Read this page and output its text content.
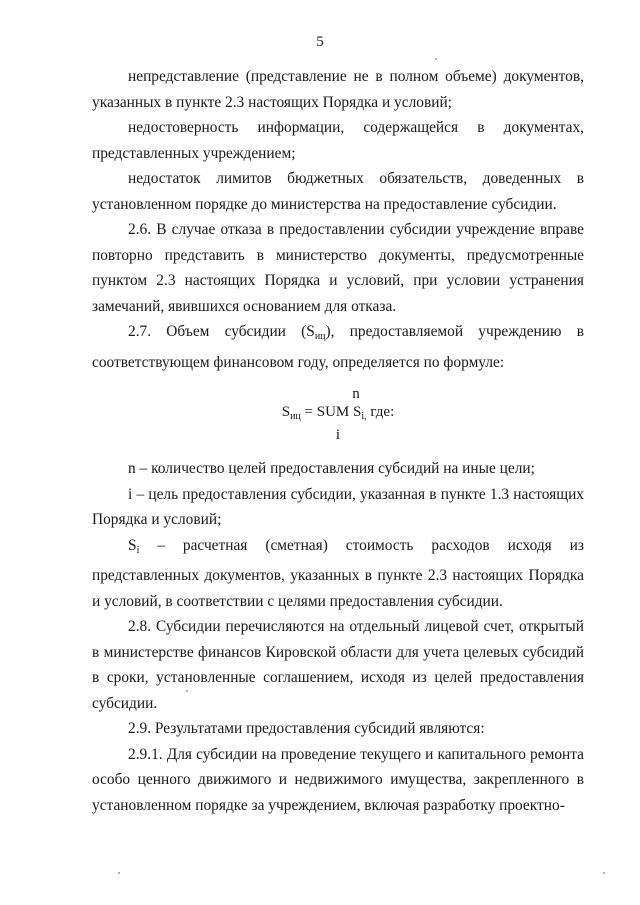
5

непредставление (представление не в полном объеме) документов, указанных в пункте 2.3 настоящих Порядка и условий;

недостоверность информации, содержащейся в документах, представленных учреждением;

недостаток лимитов бюджетных обязательств, доведенных в установленном порядке до министерства на предоставление субсидии.

2.6. В случае отказа в предоставлении субсидии учреждение вправе повторно представить в министерство документы, предусмотренные пунктом 2.3 настоящих Порядка и условий, при условии устранения замечаний, явившихся основанием для отказа.

2.7. Объем субсидии $(S_{иц})$, предоставляемой учреждению в соответствующем финансовом году, определяется по формуле:

n
$S_{иц}$ = SUM $S_{i,}$ где:
i

n – количество целей предоставления субсидий на иные цели;

i – цель предоставления субсидии, указанная в пункте 1.3 настоящих Порядка и условий;

$S_i$ – расчетная (сметная) стоимость расходов исходя из представленных документов, указанных в пункте 2.3 настоящих Порядка и условий, в соответствии с целями предоставления субсидии.

2.8. Субсидии перечисляются на отдельный лицевой счет, открытый в министерстве финансов Кировской области для учета целевых субсидий в сроки, установленные соглашением, исходя из целей предоставления субсидии.

2.9. Результатами предоставления субсидий являются:

2.9.1. Для субсидии на проведение текущего и капитального ремонта особо ценного движимого и недвижимого имущества, закрепленного в установленном порядке за учреждением, включая разработку проектно-
